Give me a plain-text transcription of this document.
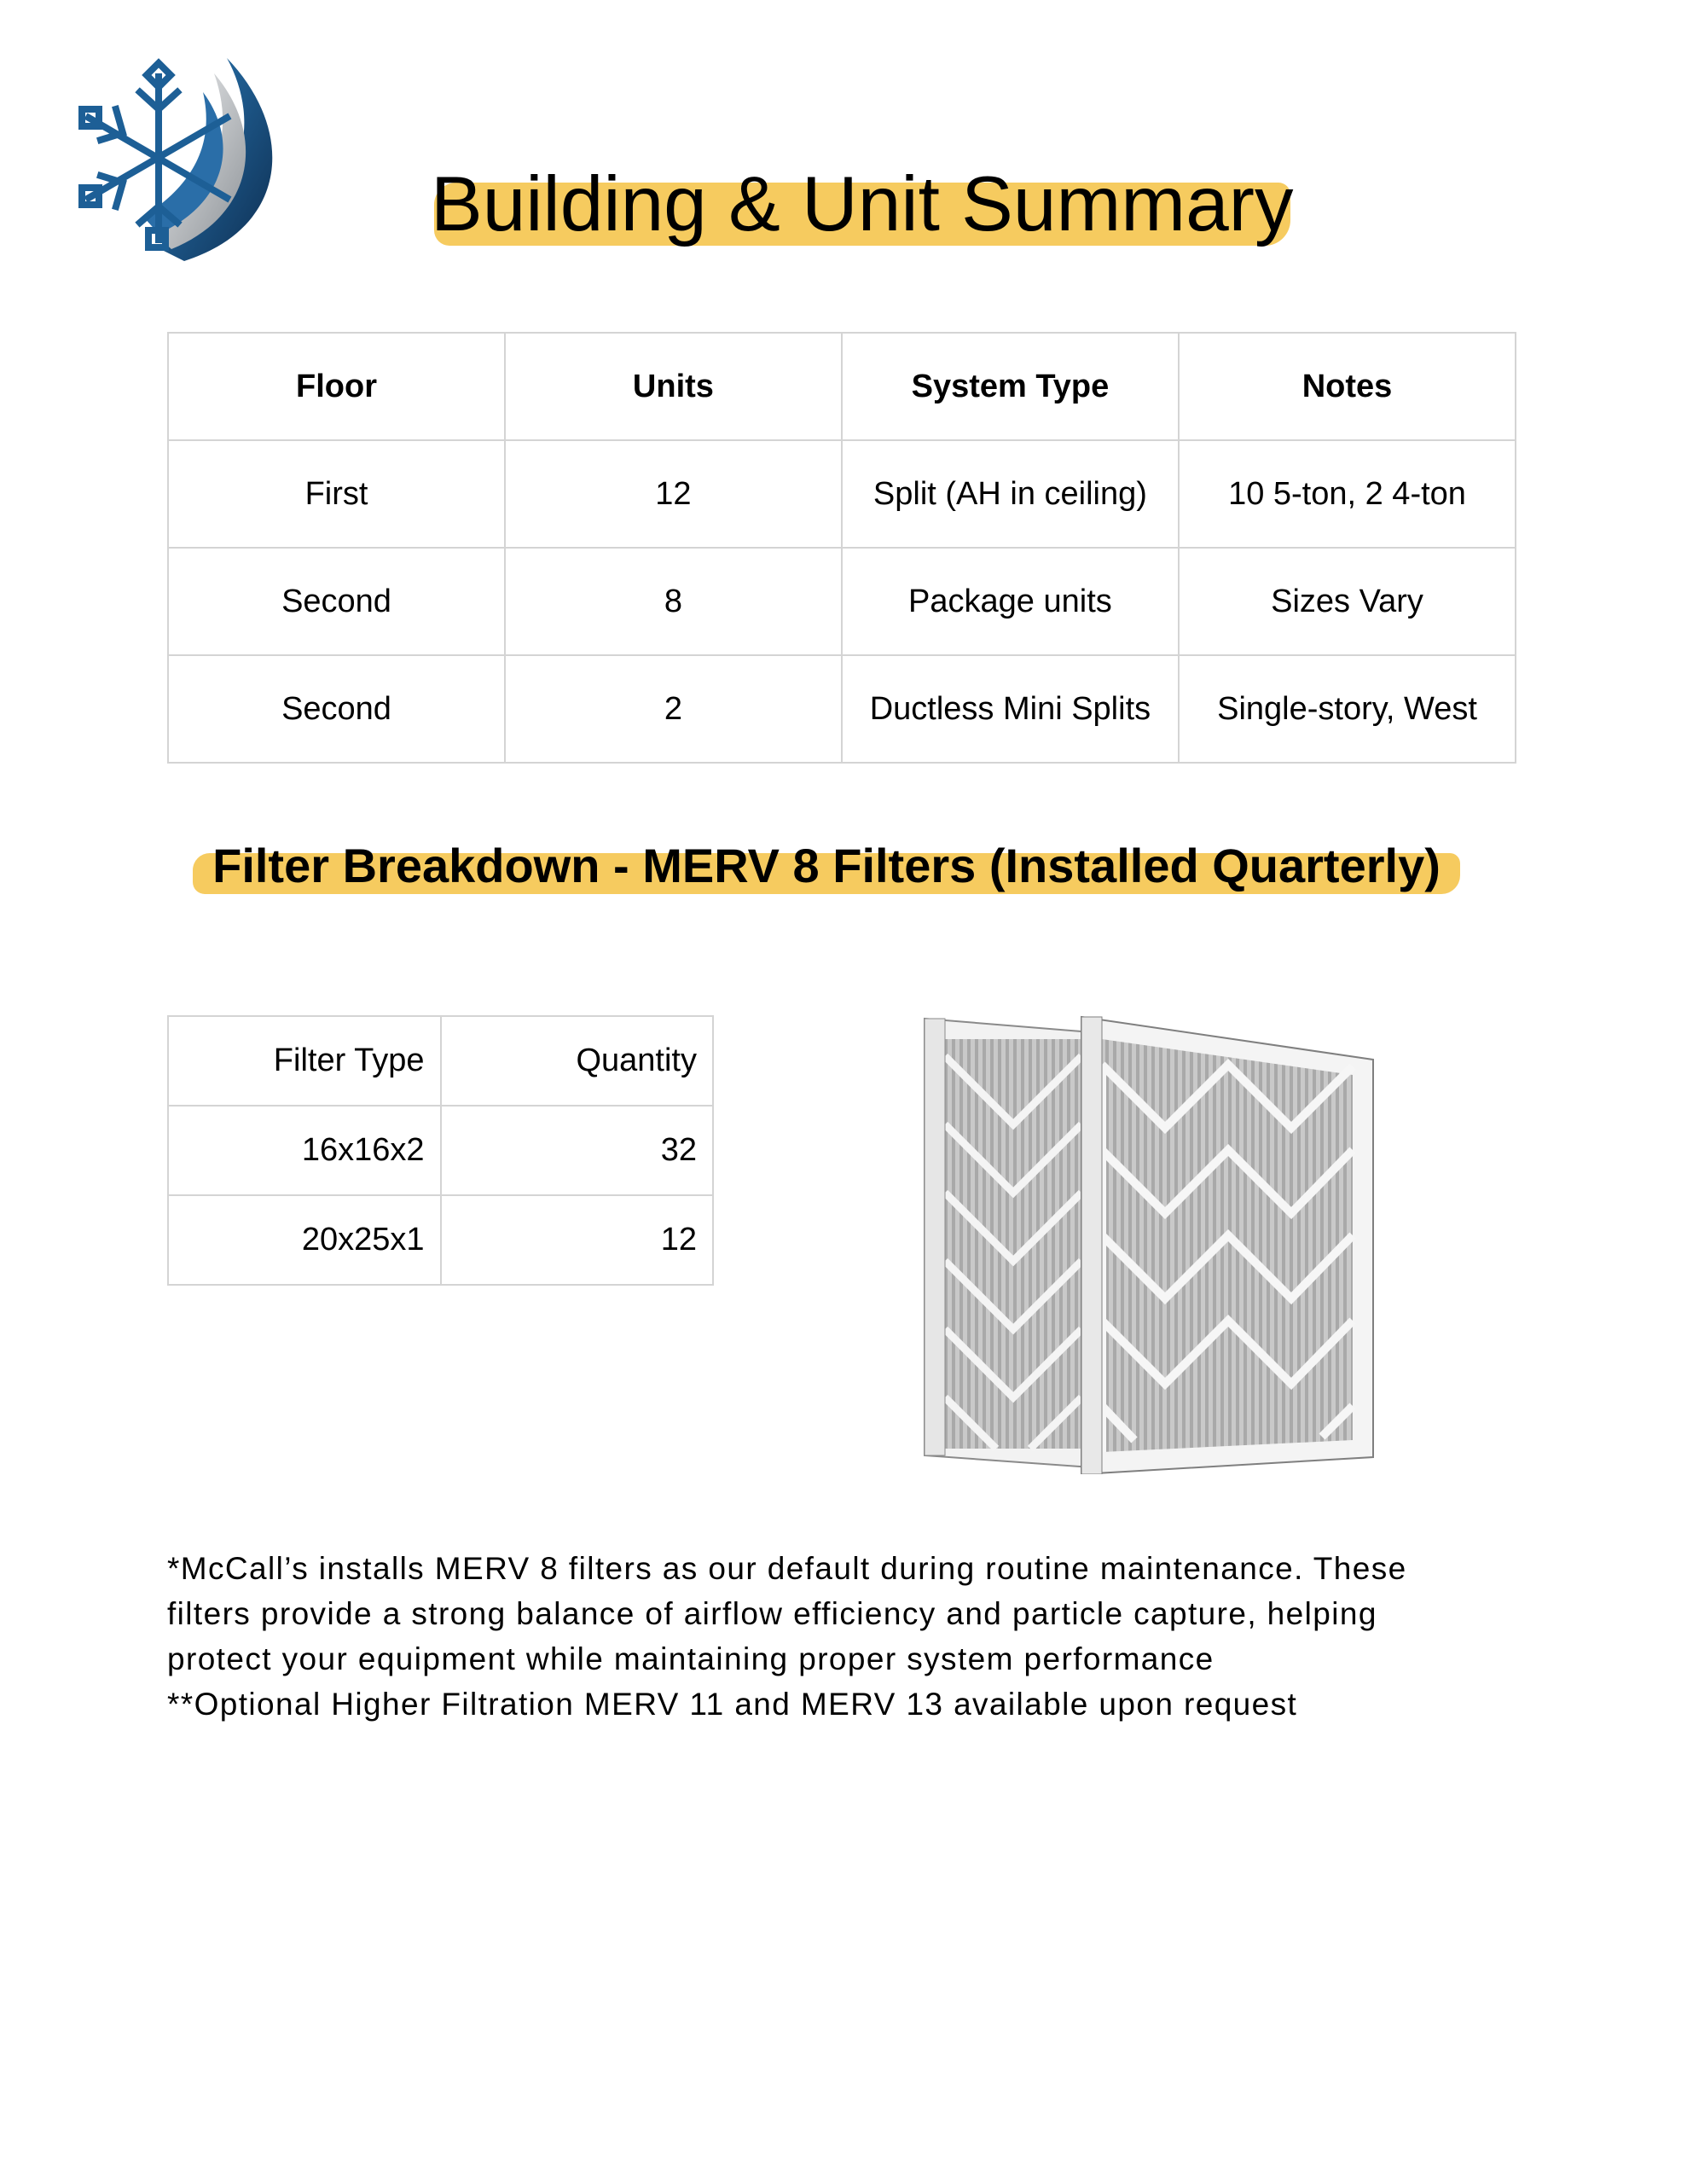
Building & Unit Summary
Floor	Units	System Type	Notes
First	12	Split (AH in ceiling)	10 5-ton, 2 4-ton
Second	8	Package units	Sizes Vary
Second	2	Ductless Mini Splits	Single-story, West
Filter Breakdown - MERV 8 Filters (Installed Quarterly)
Filter Type	Quantity
16x16x2	32
20x25x1	12

*McCall’s installs MERV 8 filters as our default during routine maintenance. These

filters provide a strong balance of airflow efficiency and particle capture, helping

protect your equipment while maintaining proper system performance

**Optional Higher Filtration MERV 11 and MERV 13 available upon request
